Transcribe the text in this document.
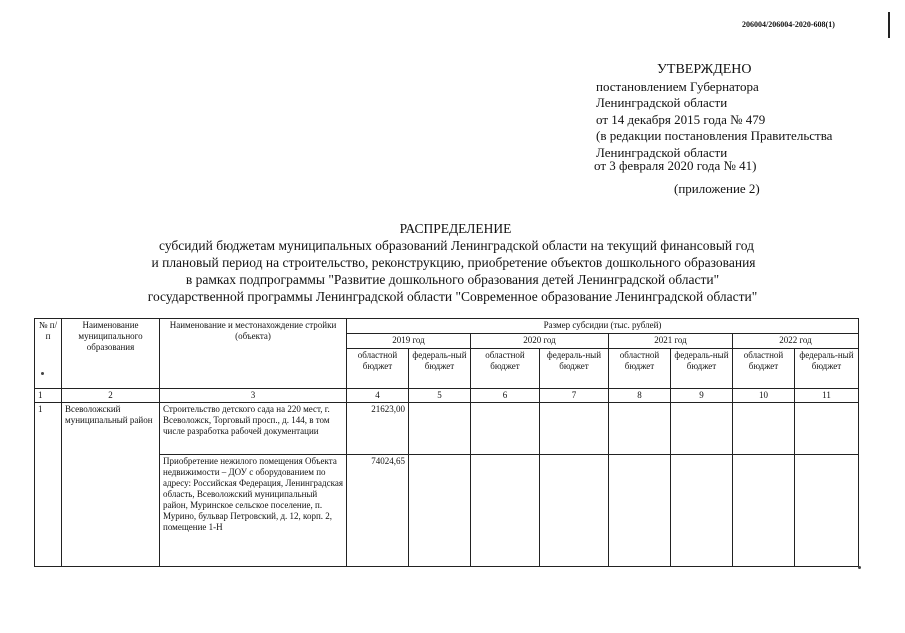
206004/206004-2020-608(1)
УТВЕРЖДЕНО
постановлением Губернатора
Ленинградской области
от 14 декабря 2015 года № 479
(в редакции постановления Правительства
Ленинградской области
от 3 февраля 2020 года № 41)
(приложение 2)
РАСПРЕДЕЛЕНИЕ
субсидий бюджетам муниципальных образований Ленинградской области на текущий финансовый год
и плановый период на строительство, реконструкцию, приобретение объектов дошкольного образования
в рамках подпрограммы "Развитие дошкольного образования детей Ленинградской области"
государственной программы Ленинградской области "Современное образование Ленинградской области"
№ п/п	Наименование муниципального образования	Наименование и местонахождение стройки (объекта)	Размер субсидии (тыс. рублей)							
			2019 год		2020 год		2021 год		2022 год	
			областной бюджет	федераль-ный бюджет	областной бюджет	федераль-ный бюджет	областной бюджет	федераль-ный бюджет	областной бюджет	федераль-ный бюджет
1	2	3	4	5	6	7	8	9	10	11
1	Всеволожский муниципальный район	Строительство детского сада на 220 мест, г. Всеволожск, Торговый просп., д. 144, в том числе разработка рабочей документации	21623,00							
		Приобретение нежилого помещения Объекта недвижимости – ДОУ с оборудованием по адресу: Российская Федерация, Ленинградская область, Всеволожский муниципальный район, Муринское сельское поселение, п. Мурино, бульвар Петровский, д. 12, корп. 2, помещение 1-Н	74024,65							
